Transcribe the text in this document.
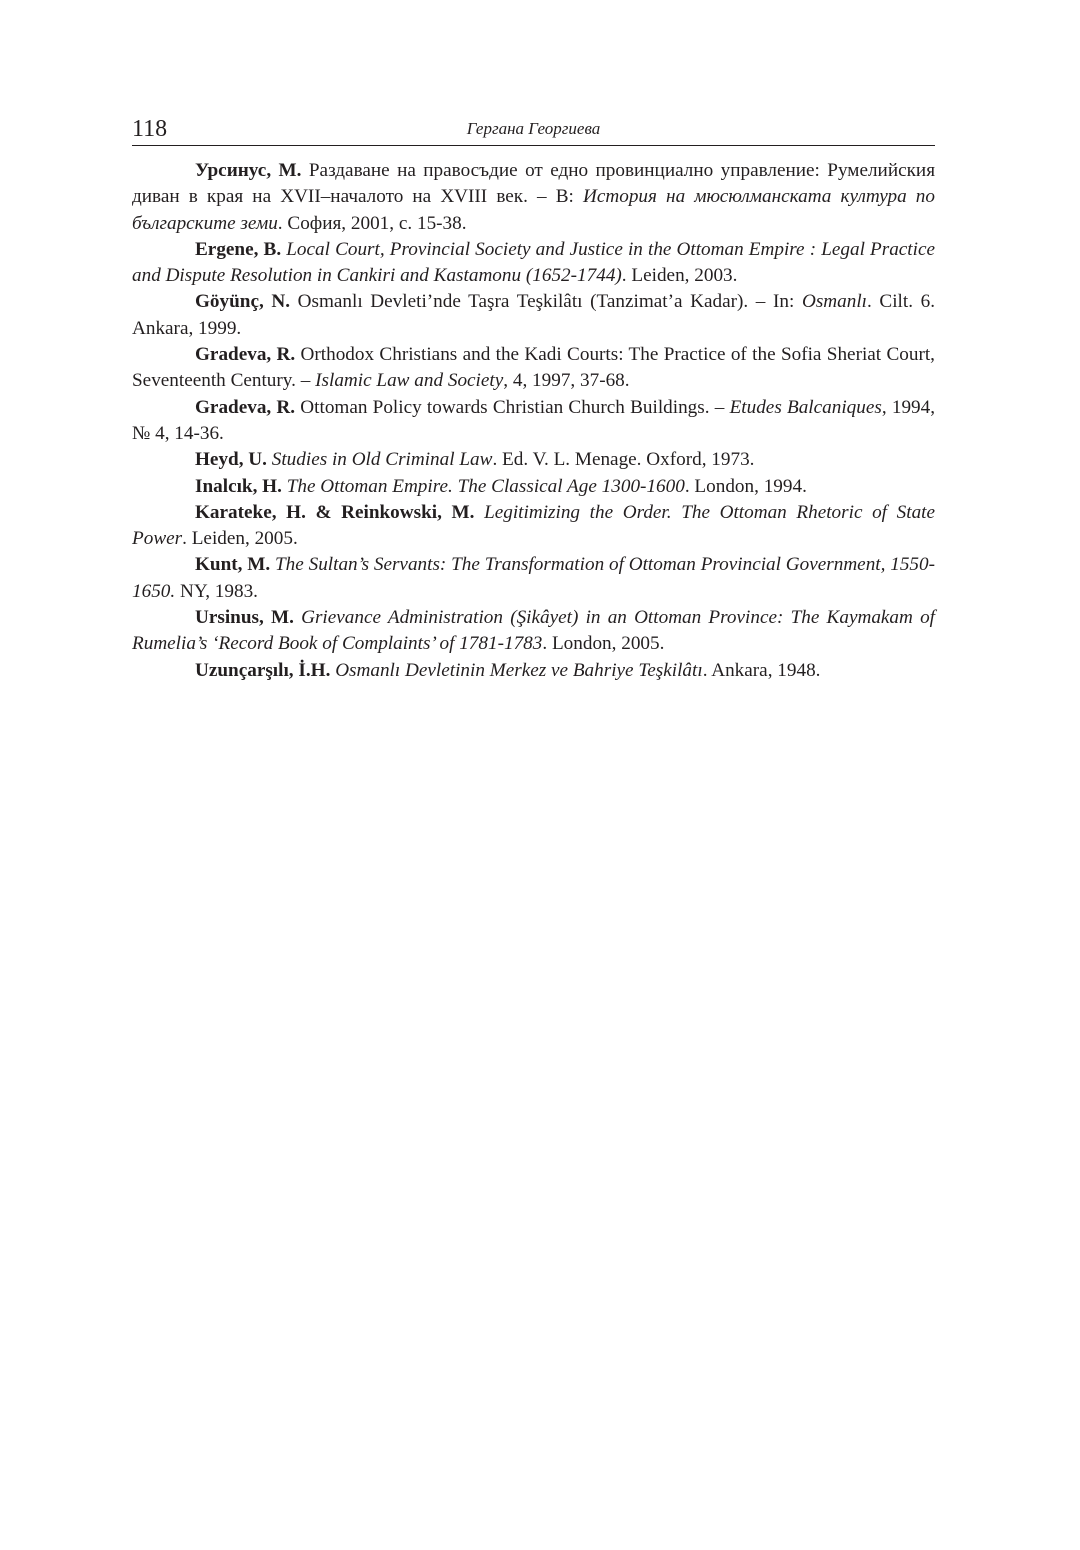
118	Гергана Георгиева

Урсинус, М. Раздаване на правосъдие от едно провинциално управление: Румелийския диван в края на XVII–началото на XVIII век. – В: История на мюсюлманската култура по българските земи. София, 2001, с. 15-38.

Ergene, B. Local Court, Provincial Society and Justice in the Ottoman Empire : Legal Practice and Dispute Resolution in Cankiri and Kastamonu (1652-1744). Leiden, 2003.

Göyünç, N. Osmanlı Devleti’nde Taşra Teşkilâtı (Tanzimat’a Kadar). – In: Osmanlı. Cilt. 6. Ankara, 1999.

Gradeva, R. Orthodox Christians and the Kadi Courts: The Practice of the Sofia Sheriat Court, Seventeenth Century. – Islamic Law and Society, 4, 1997, 37-68.

Gradeva, R. Ottoman Policy towards Christian Church Buildings. – Etudes Balcaniques, 1994, № 4, 14-36.

Heyd, U. Studies in Old Criminal Law. Ed. V. L. Menage. Oxford, 1973.

Inalcık, H. The Ottoman Empire. The Classical Age 1300-1600. London, 1994.

Karateke, H. & Reinkowski, M. Legitimizing the Order. The Ottoman Rhetoric of State Power. Leiden, 2005.

Kunt, M. The Sultan’s Servants: The Transformation of Ottoman Provincial Government, 1550-1650. NY, 1983.

Ursinus, M. Grievance Administration (Şikâyet) in an Ottoman Province: The Kaymakam of Rumelia’s ‘Record Book of Complaints’ of 1781-1783. London, 2005.

Uzunçarşılı, İ.H. Osmanlı Devletinin Merkez ve Bahriye Teşkilâtı. Ankara, 1948.
